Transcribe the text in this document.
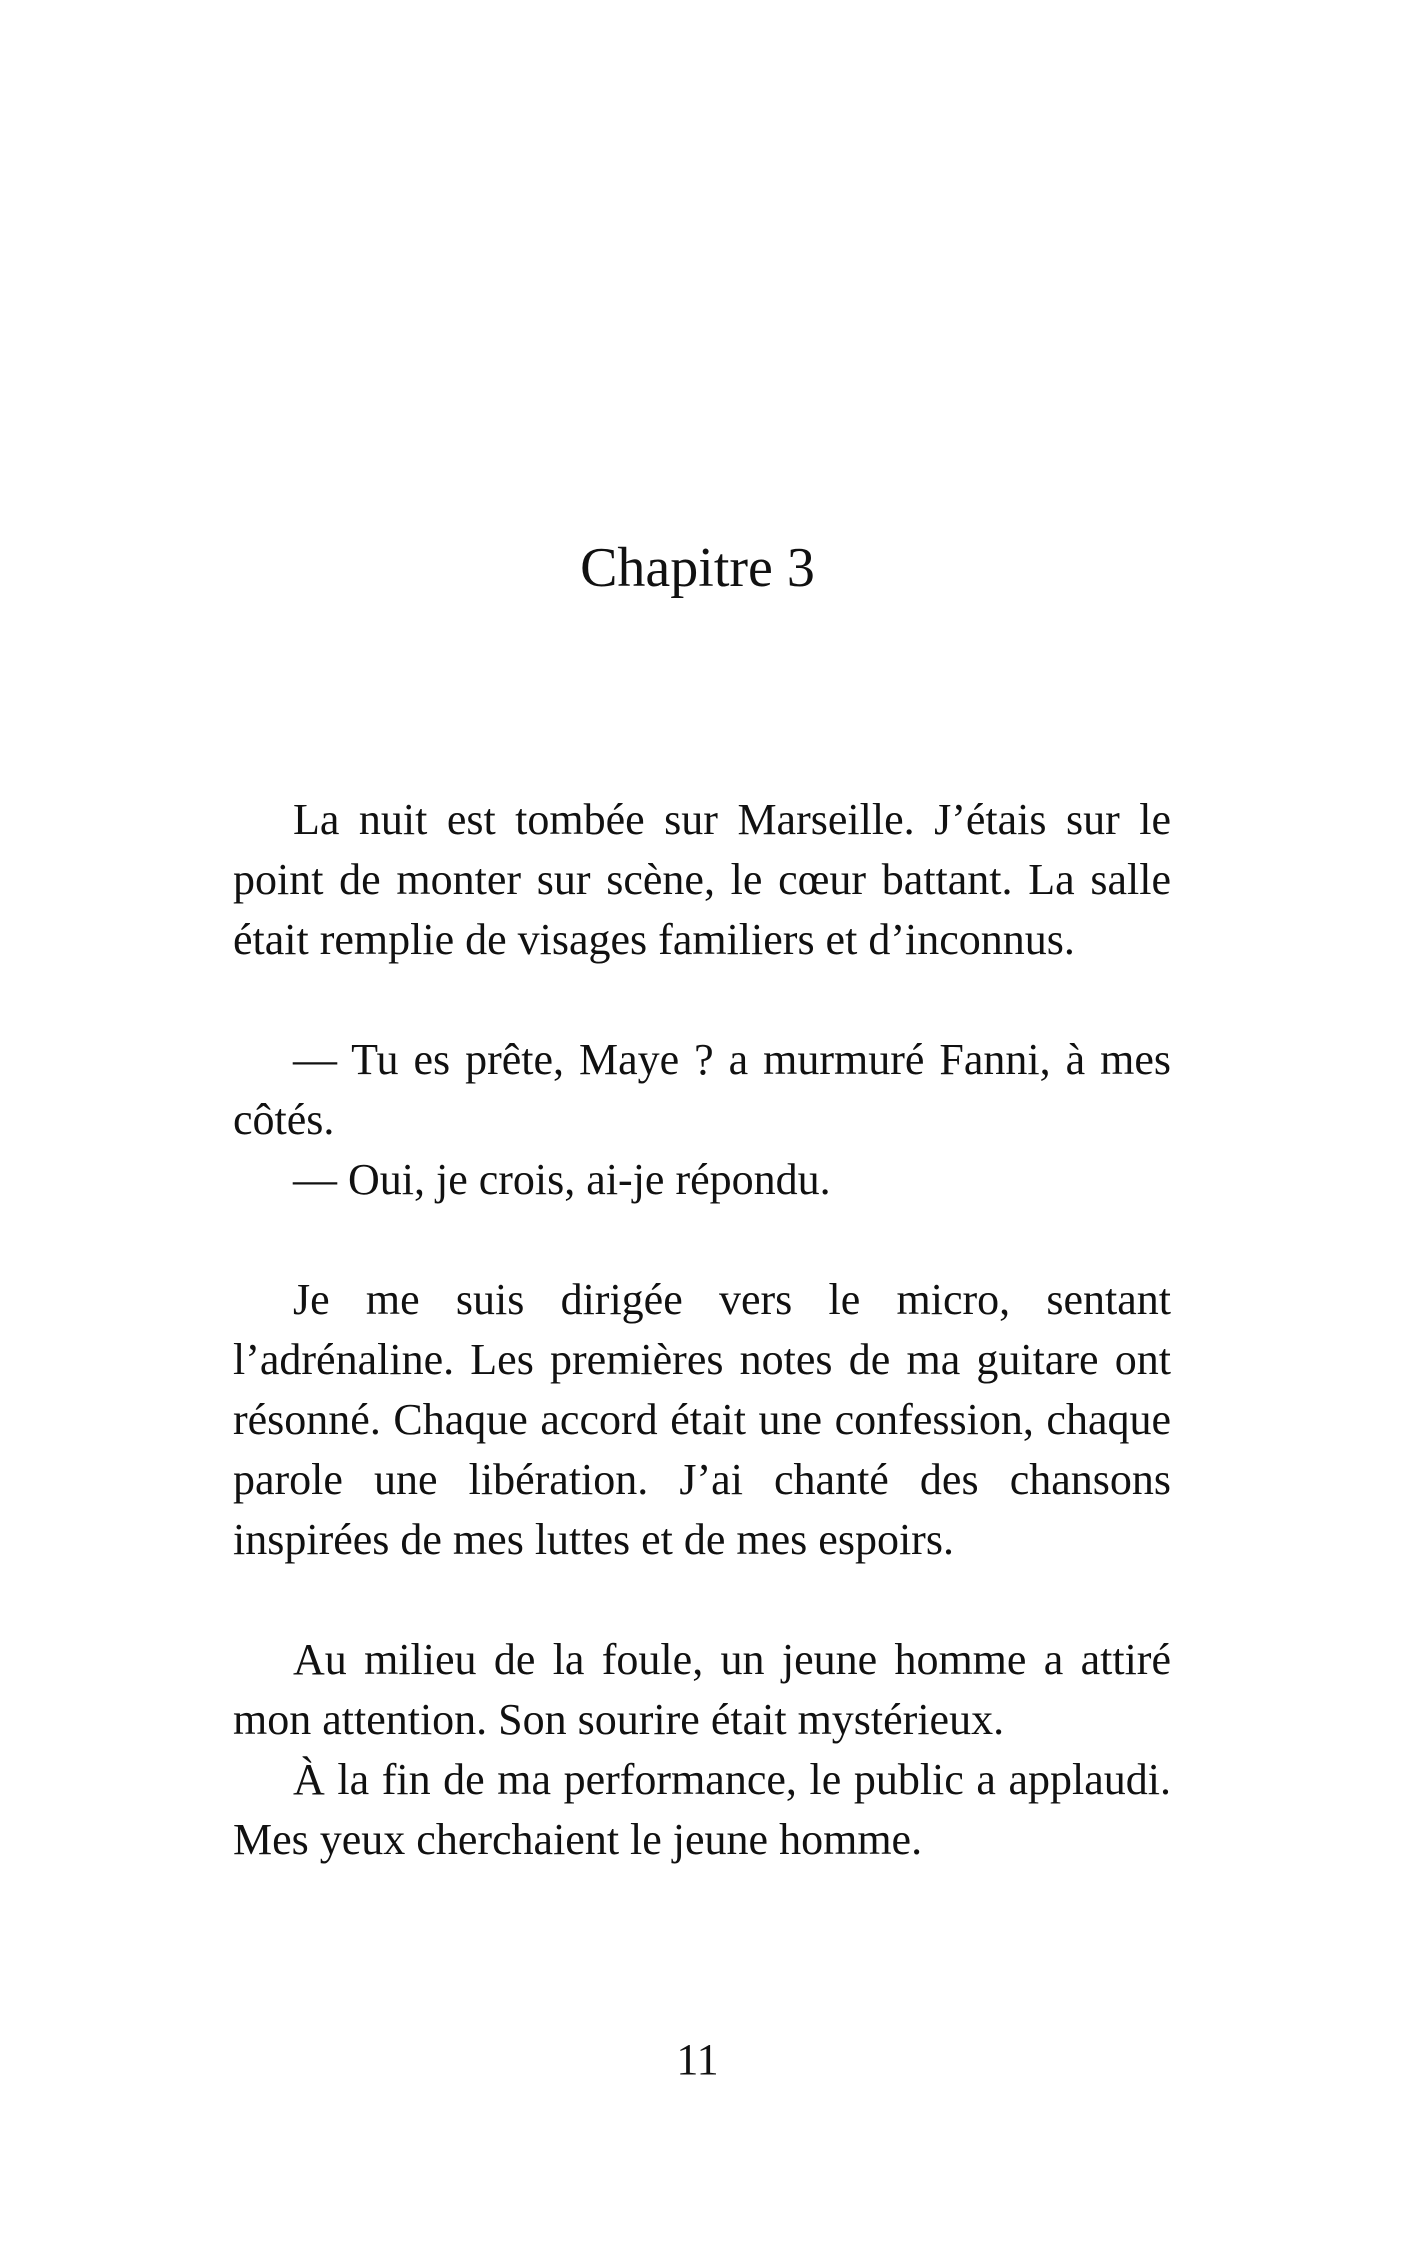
Chapitre 3

La nuit est tombée sur Marseille. J’étais sur le point de monter sur scène, le cœur battant. La salle était remplie de visages familiers et d’inconnus.

— Tu es prête, Maye ? a murmuré Fanni, à mes côtés.

— Oui, je crois, ai-je répondu.

Je me suis dirigée vers le micro, sentant l’adrénaline. Les premières notes de ma guitare ont résonné. Chaque accord était une confession, chaque parole une libération. J’ai chanté des chansons inspirées de mes luttes et de mes espoirs.

Au milieu de la foule, un jeune homme a attiré mon attention. Son sourire était mystérieux.

À la fin de ma performance, le public a applaudi. Mes yeux cherchaient le jeune homme.

11
